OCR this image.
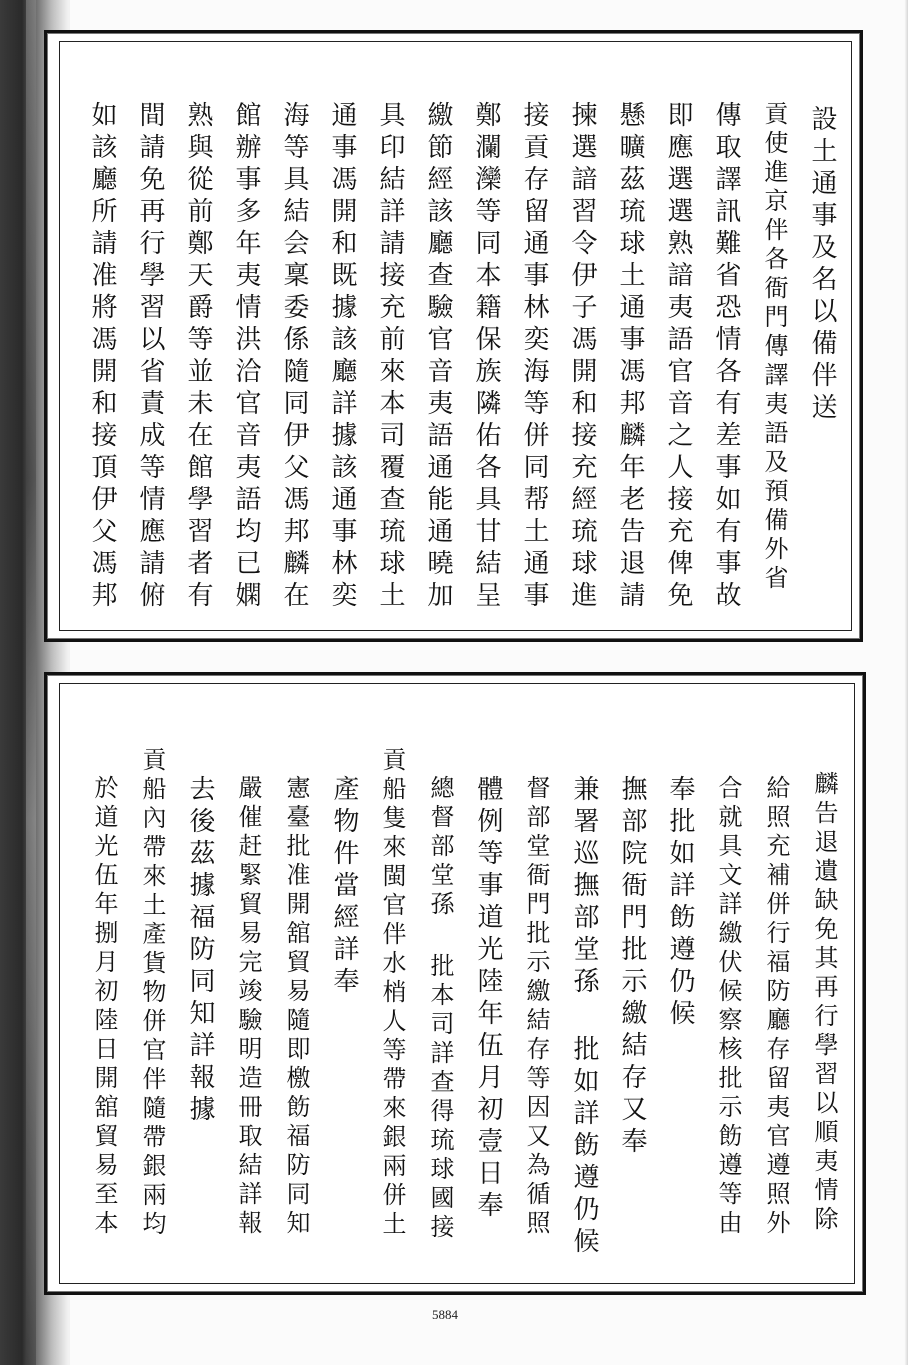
設土通事及名以備伴送
貢使進京伴各衙門傳譯夷語及預備外省
傳取譯訊難省恐情各有差事如有事故
即應選選熟諳夷語官音之人接充俾免
懸曠茲琉球土通事馮邦麟年老告退請
揀選諳習令伊子馮開和接充經琉球進
接貢存留通事林奕海等併同帮土通事
鄭瀾灤等同本籍保族隣佑各具甘結呈
繳節經該廳查驗官音夷語通能通曉加
具印結詳請接充前來本司覆查琉球土
通事馮開和既據該廳詳據該通事林奕
海等具結会稟委係隨同伊父馮邦麟在
館辦事多年夷情洪洽官音夷語均已嫻
熟與從前鄭天爵等並未在館學習者有
間請免再行學習以省責成等情應請俯
如該廳所請准將馮開和接頂伊父馮邦
麟告退遺缺免其再行學習以順夷情除
給照充補併行福防廳存留夷官遵照外
合就具文詳繳伏候察核批示飭遵等由
奉批如詳飭遵仍候
撫部院衙門批示繳結存又奉
兼署巡撫部堂孫 批如詳飭遵仍候
督部堂衙門批示繳結存等因又為循照
體例等事道光陸年伍月初壹日奉
總督部堂孫 批本司詳查得琉球國接
貢船隻來閩官伴水梢人等帶來銀兩併土
產物件當經詳奉
憲臺批准開舘貿易隨即檄飭福防同知
嚴催赶緊貿易完竣驗明造冊取結詳報
去後茲據福防同知詳報據
貢船內帶來土產貨物併官伴隨帶銀兩均
於道光伍年捌月初陸日開舘貿易至本
5884
